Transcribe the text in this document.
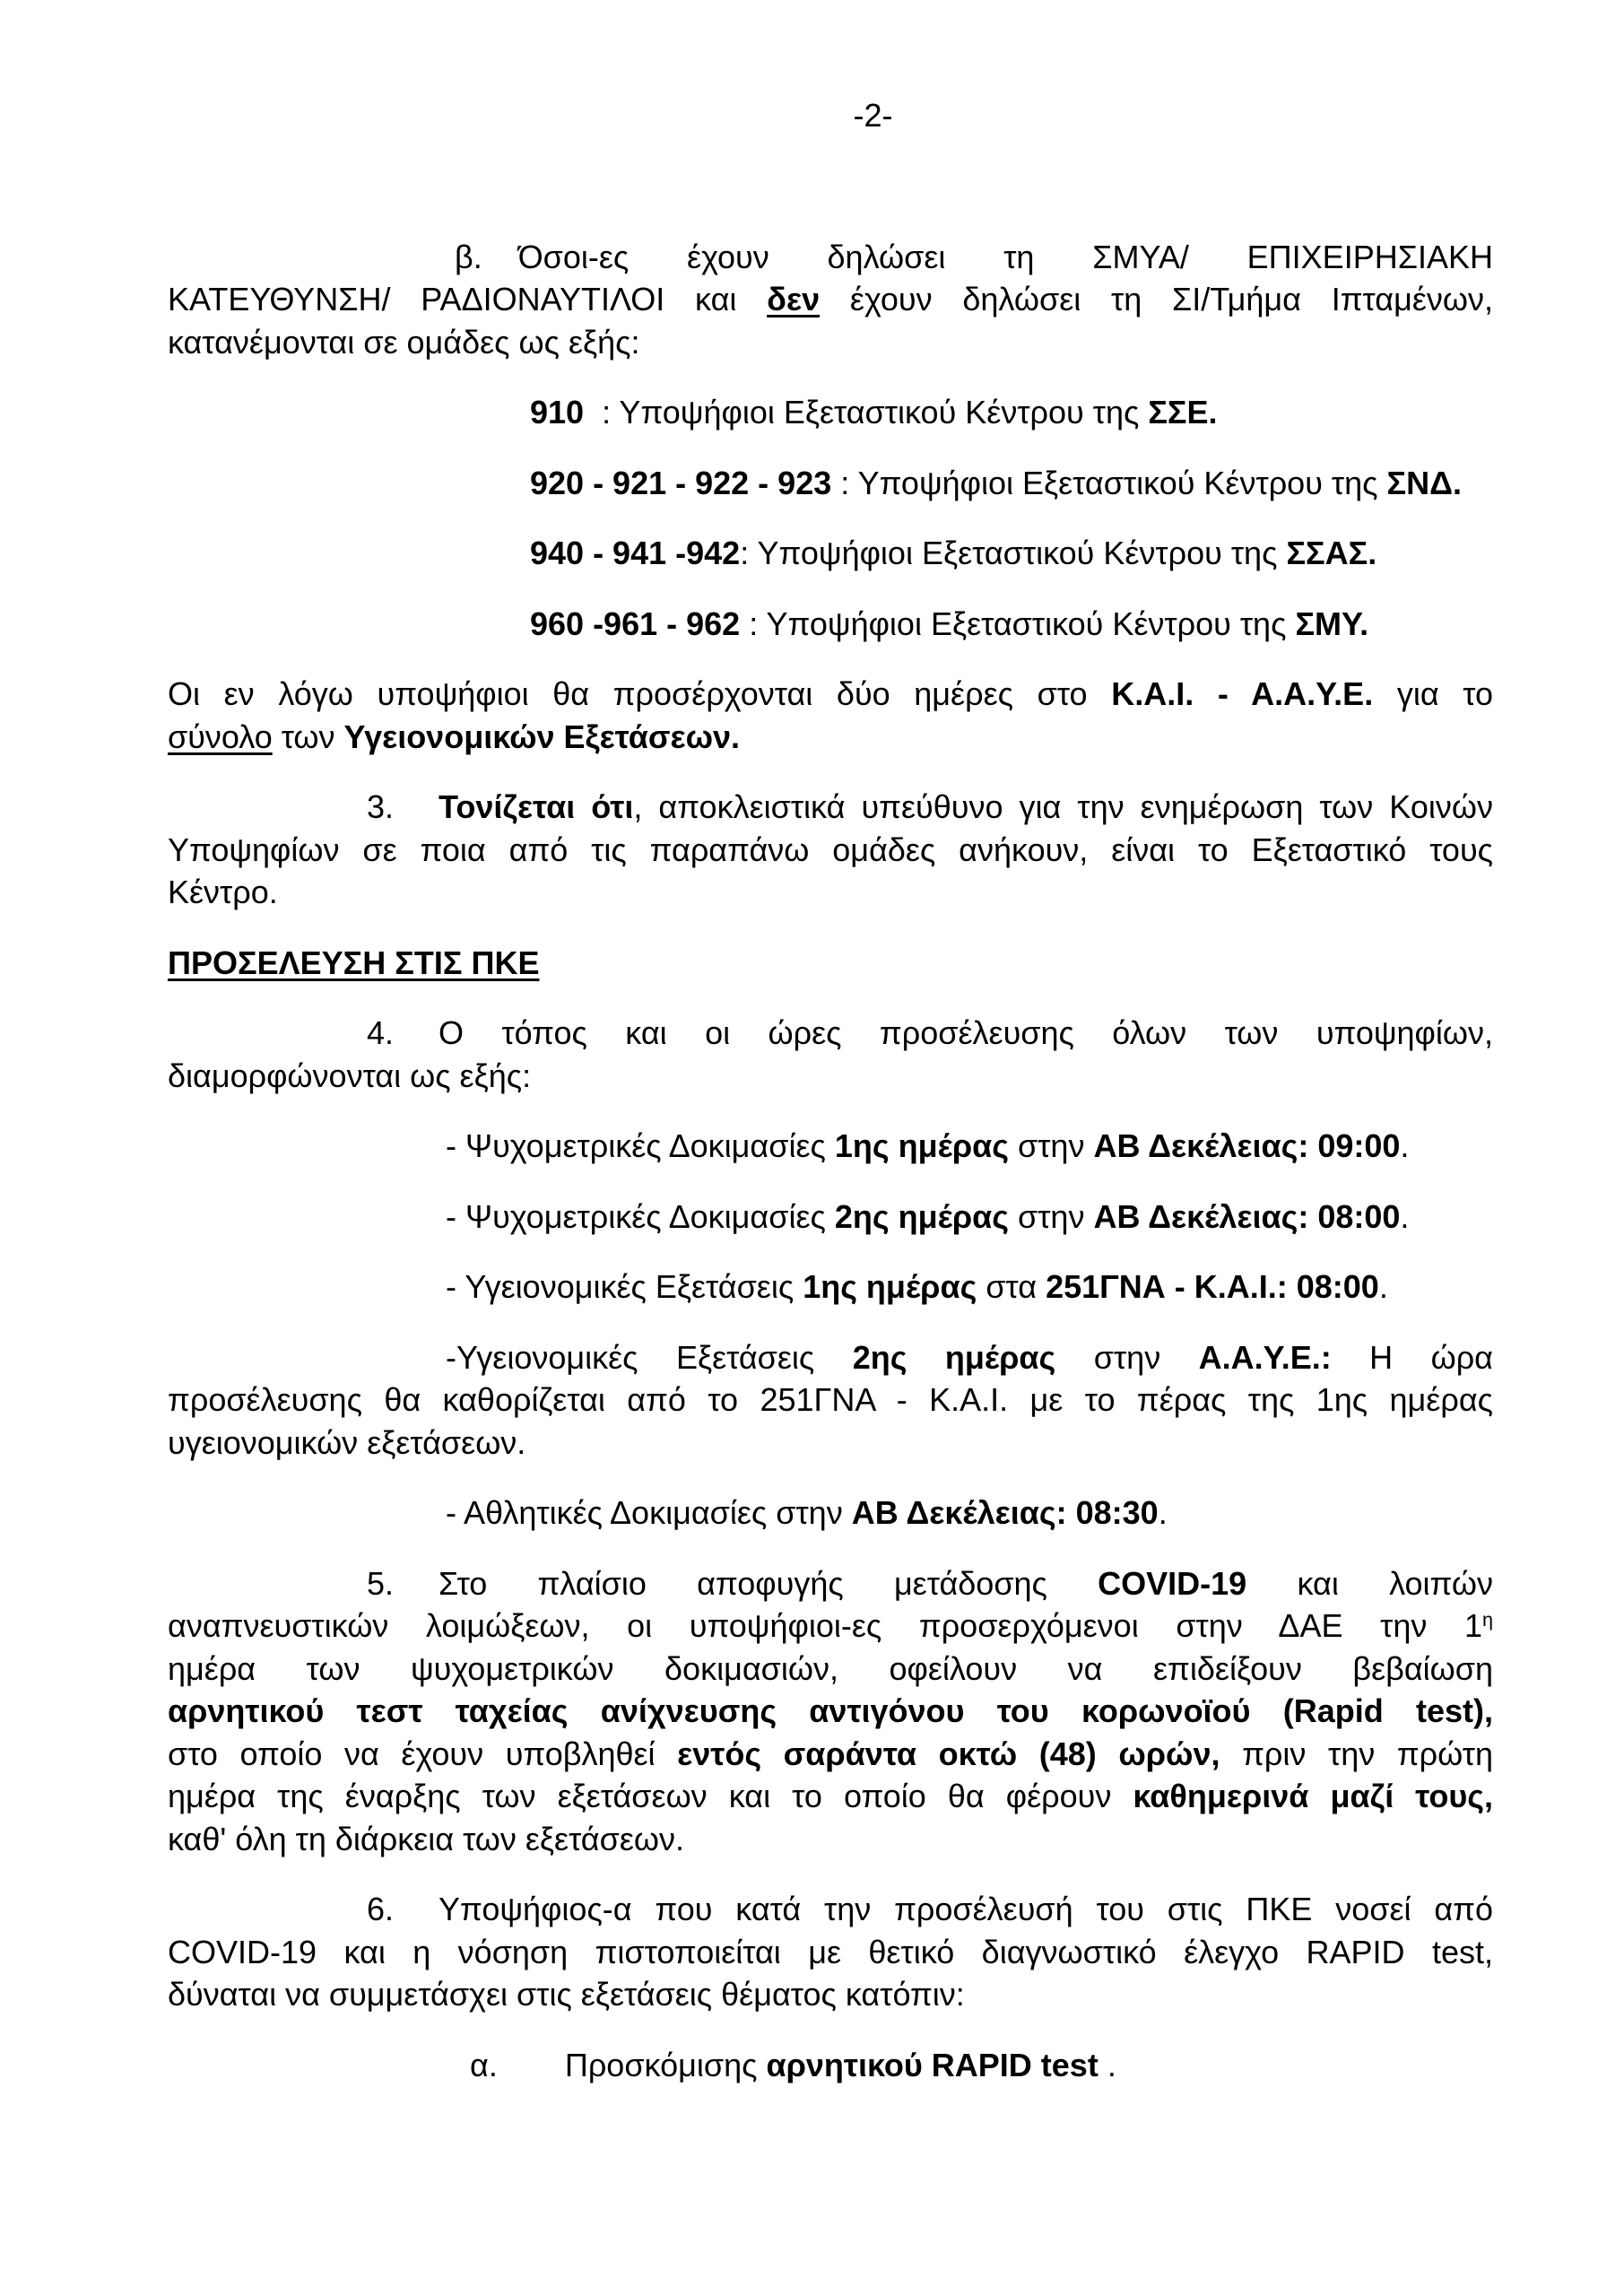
-2-
β. Όσοι-ες έχουν δηλώσει τη ΣΜΥΑ/ ΕΠΙΧΕΙΡΗΣΙΑΚΗ
ΚΑΤΕΥΘΥΝΣΗ/ ΡΑΔΙΟΝΑΥΤΙΛΟΙ και δεν έχουν δηλώσει τη ΣΙ/Τμήμα Ιπταμένων,
κατανέμονται σε ομάδες ως εξής:
910  : Υποψήφιοι Εξεταστικού Κέντρου της ΣΣΕ.
920 - 921 - 922 - 923 : Υποψήφιοι Εξεταστικού Κέντρου της ΣΝΔ.
940 - 941 -942: Υποψήφιοι Εξεταστικού Κέντρου της ΣΣΑΣ.
960 -961 - 962 : Υποψήφιοι Εξεταστικού Κέντρου της ΣΜΥ.
Οι εν λόγω υποψήφιοι θα προσέρχονται δύο ημέρες στο Κ.Α.Ι. - Α.Α.Υ.Ε. για το
σύνολο των Υγειονομικών Εξετάσεων.
3. Τονίζεται ότι, αποκλειστικά υπεύθυνο για την ενημέρωση των Κοινών
Υποψηφίων σε ποια από τις παραπάνω ομάδες ανήκουν, είναι το Εξεταστικό τους
Κέντρο.
ΠΡΟΣΕΛΕΥΣΗ ΣΤΙΣ ΠΚΕ
4. Ο τόπος και οι ώρες προσέλευσης όλων των υποψηφίων,
διαμορφώνονται ως εξής:
- Ψυχομετρικές Δοκιμασίες 1ης ημέρας στην ΑΒ Δεκέλειας: 09:00.
- Ψυχομετρικές Δοκιμασίες 2ης ημέρας στην ΑΒ Δεκέλειας: 08:00.
- Υγειονομικές Εξετάσεις 1ης ημέρας στα 251ΓΝΑ - Κ.Α.Ι.: 08:00.
-Υγειονομικές Εξετάσεις 2ης ημέρας στην Α.Α.Υ.Ε.: Η ώρα
προσέλευσης θα καθορίζεται από το 251ΓΝΑ - Κ.Α.Ι. με το πέρας της 1ης ημέρας
υγειονομικών εξετάσεων.
- Αθλητικές Δοκιμασίες στην ΑΒ Δεκέλειας: 08:30.
5. Στο πλαίσιο αποφυγής μετάδοσης COVID-19 και λοιπών
αναπνευστικών λοιμώξεων, οι υποψήφιοι-ες προσερχόμενοι στην ΔΑΕ την $1^\eta$
ημέρα των ψυχομετρικών δοκιμασιών, οφείλουν να επιδείξουν βεβαίωση
αρνητικού τεστ ταχείας ανίχνευσης αντιγόνου του κορωνοϊού (Rapid test),
στο οποίο να έχουν υποβληθεί εντός σαράντα οκτώ (48) ωρών, πριν την πρώτη
ημέρα της έναρξης των εξετάσεων και το οποίο θα φέρουν καθημερινά μαζί τους,
καθ' όλη τη διάρκεια των εξετάσεων.
6. Υποψήφιος-α που κατά την προσέλευσή του στις ΠΚΕ νοσεί από
COVID-19 και η νόσηση πιστοποιείται με θετικό διαγνωστικό έλεγχο RAPID test,
δύναται να συμμετάσχει στις εξετάσεις θέματος κατόπιν:
α. Προσκόμισης αρνητικού RAPID test .
